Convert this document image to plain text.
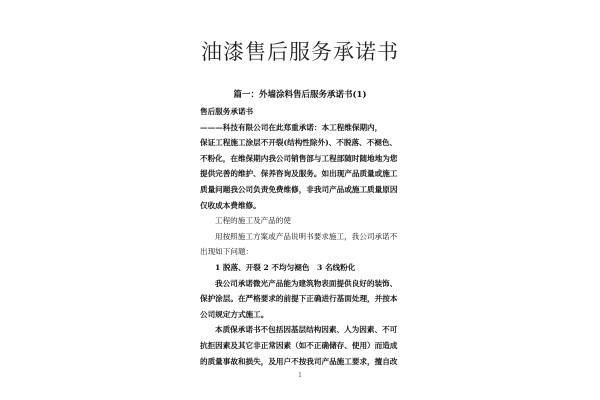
油漆售后服务承诺书
篇一：外墙涂料售后服务承诺书(1)

售后服务承诺书

———科技有限公司在此郑重承诺：本工程维保期内，

保证工程施工涂层不开裂(结构性除外)、不脱落、不褪色、

不粉化，在维保期内我公司销售部与工程部随时随地地为您

提供完善的维护、保养咨询及服务。如出现产品质量或施工

质量问题我公司负责免费维修，非我司产品或施工质量原因

仅收成本费维修。

工程的施工及产品的使

用按照施工方案或产品说明书要求施工，我公司承诺不

出现如下问题：

1 脱落、开裂 2 不均匀褪色　3 名线粉化

我公司承诺微光产品能为建筑物表面提供良好的装饰、

保护涂层。在严格要求的前提下正确进行基面处理，并按本

公司规定方式施工。

本质保承诺书不包括因基层结构因素、人为因素、不可

抗拒因素及其它非正常因素（如不正确储存、使用）而造成

的质量事故和损失，及用户不按我司产品施工要求，擅自改

1
